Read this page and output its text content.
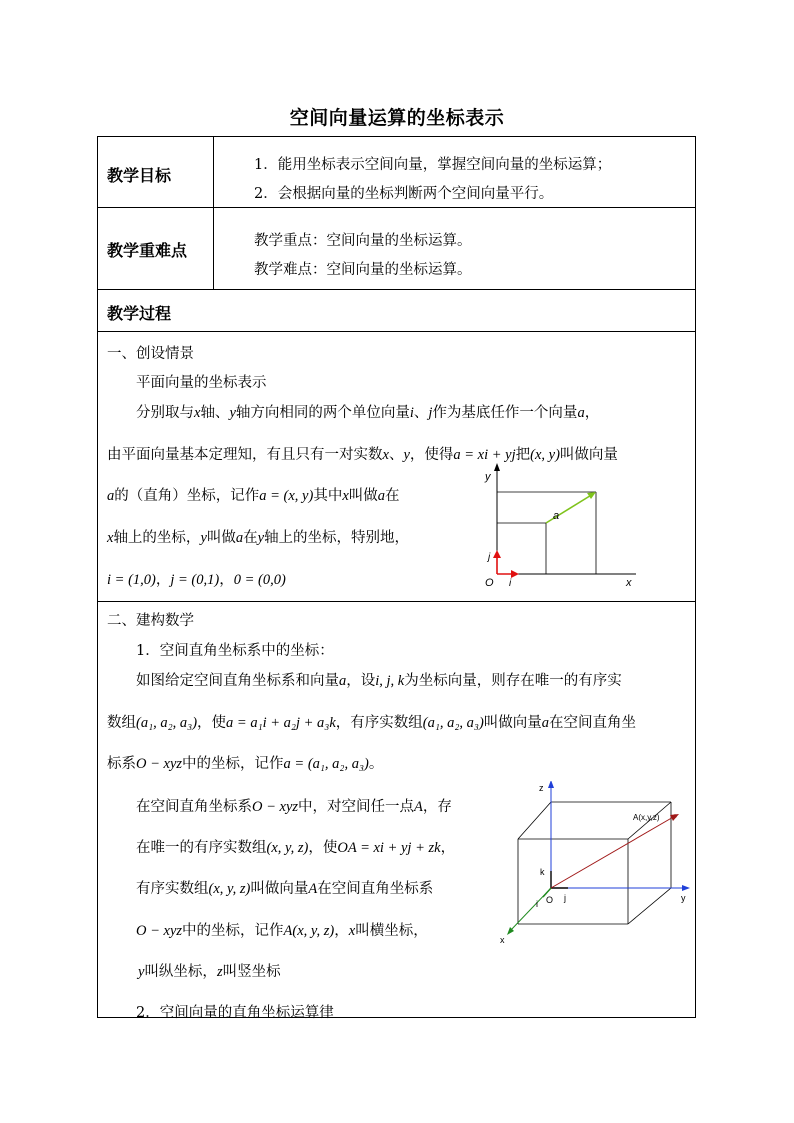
空间向量运算的坐标表示
教学目标
1．能用坐标表示空间向量，掌握空间向量的坐标运算；
2．会根据向量的坐标判断两个空间向量平行。
教学重难点	教学重点：空间向量的坐标运算。
教学难点：空间向量的坐标运算。
教学过程
一、创设情景
平面向量的坐标表示
分别取与x轴、y轴方向相同的两个单位向量i、j作为基底任作一个向量a，
由平面向量基本定理知，有且只有一对实数x、y，使得a = xi + yj把(x, y)叫做向量
a的（直角）坐标，记作a = (x, y)其中x叫做a在
x轴上的坐标，y叫做a在y轴上的坐标，特别地，
i = (1,0)，j = (0,1)，0 = (0,0)
y
x
O i
j
a
二、建构数学
1．空间直角坐标系中的坐标：
如图给定空间直角坐标系和向量a，设i, j, k为坐标向量，则存在唯一的有序实
数组(a₁, a₂, a₃)，使a = a₁i + a₂j + a₃k，有序实数组(a₁, a₂, a₃)叫做向量a在空间直角坐
标系O − xyz中的坐标，记作a = (a₁, a₂, a₃)。
在空间直角坐标系O − xyz中，对空间任一点A，存
在唯一的有序实数组(x, y, z)，使OA = xi + yj + zk，
有序实数组(x, y, z)叫做向量A在空间直角坐标系
O − xyz中的坐标，记作A(x, y, z)，x叫横坐标，
y叫纵坐标，z叫竖坐标
z
y
x
O
i
j
k
A(x,y,z)
2．空间向量的直角坐标运算律
